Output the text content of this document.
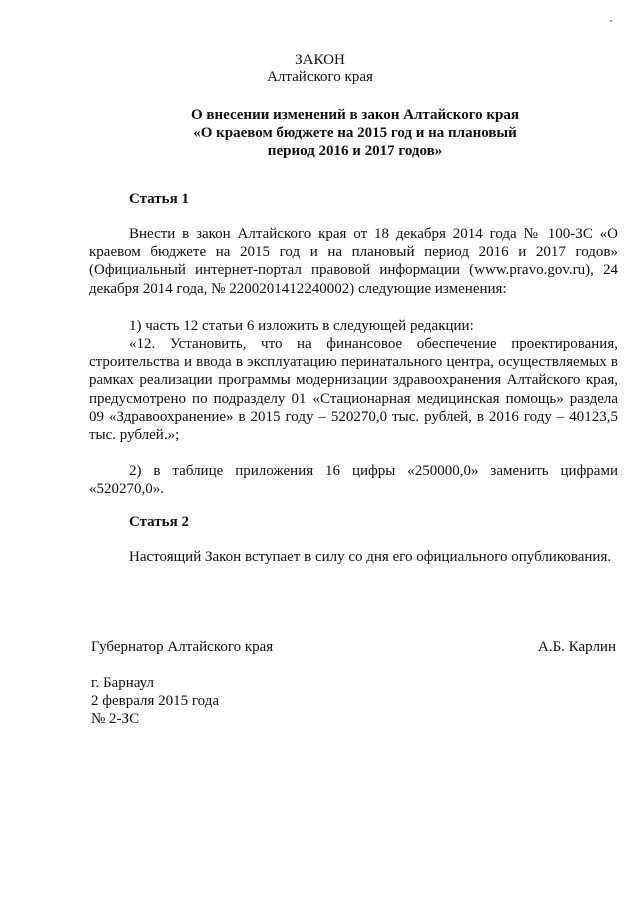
ЗАКОН
Алтайского края
О внесении изменений в закон Алтайского края
«О краевом бюджете на 2015 год и на плановый
период 2016 и 2017 годов»
Статья 1
Внести в закон Алтайского края от 18 декабря 2014 года № 100-ЗС «О краевом бюджете на 2015 год и на плановый период 2016 и 2017 годов» (Официальный интернет-портал правовой информации (www.pravo.gov.ru), 24 декабря 2014 года, № 2200201412240002) следующие изменения:
1) часть 12 статьи 6 изложить в следующей редакции:
«12. Установить, что на финансовое обеспечение проектирования, строительства и ввода в эксплуатацию перинатального центра, осуществляемых в рамках реализации программы модернизации здравоохранения Алтайского края, предусмотрено по подразделу 01 «Стационарная медицинская помощь» раздела 09 «Здравоохранение» в 2015 году – 520270,0 тыс. рублей, в 2016 году – 40123,5 тыс. рублей.»;
2) в таблице приложения 16 цифры «250000,0» заменить цифрами «520270,0».
Статья 2
Настоящий Закон вступает в силу со дня его официального опубликования.
Губернатор Алтайского края	А.Б. Карлин
г. Барнаул
2 февраля 2015 года
№ 2-ЗС
